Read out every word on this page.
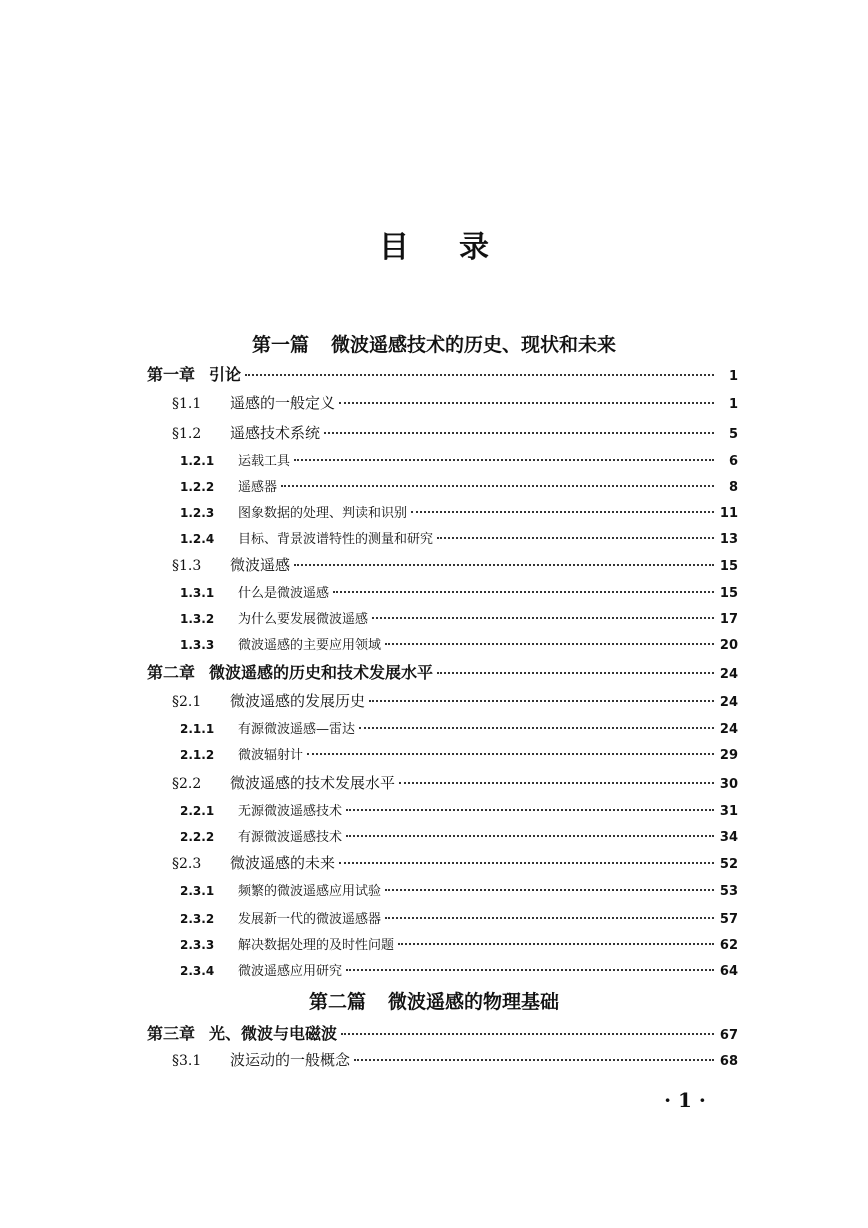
目录
第一篇 微波遥感技术的历史、现状和未来
第二篇 微波遥感的物理基础
第一章 引论	1
§1.1	遥感的一般定义	1
§1.2	遥感技术系统	5
1.2.1	运载工具	6
1.2.2	遥感器	8
1.2.3	图象数据的处理、判读和识别	11
1.2.4	目标、背景波谱特性的测量和研究	13
§1.3	微波遥感	15
1.3.1	什么是微波遥感	15
1.3.2	为什么要发展微波遥感	17
1.3.3	微波遥感的主要应用领域	20
第二章 微波遥感的历史和技术发展水平	24
§2.1	微波遥感的发展历史	24
2.1.1	有源微波遥感—雷达	24
2.1.2	微波辐射计	29
§2.2	微波遥感的技术发展水平	30
2.2.1	无源微波遥感技术	31
2.2.2	有源微波遥感技术	34
§2.3	微波遥感的未来	52
2.3.1	频繁的微波遥感应用试验	53
2.3.2	发展新一代的微波遥感器	57
2.3.3	解决数据处理的及时性问题	62
2.3.4	微波遥感应用研究	64
第三章 光、微波与电磁波	67
§3.1	波运动的一般概念	68
· 1 ·
